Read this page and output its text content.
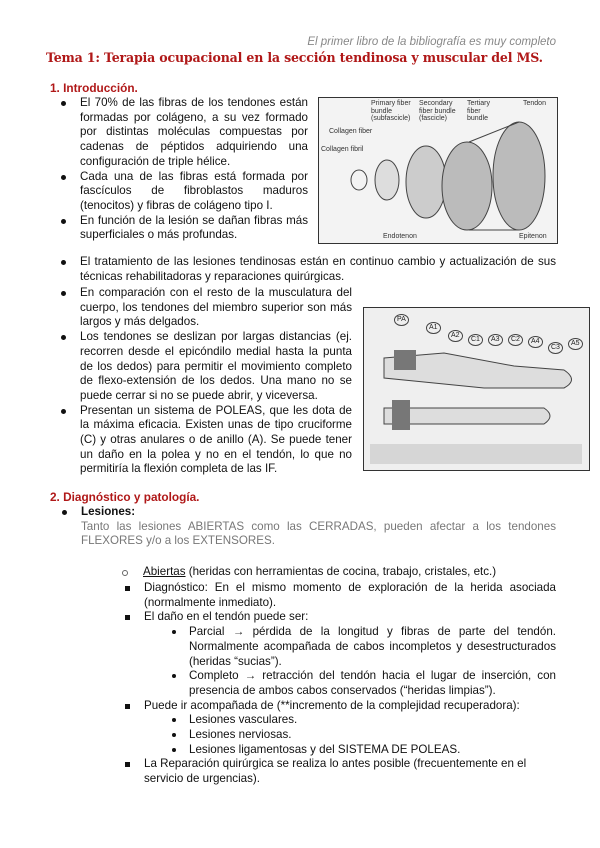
El primer libro de la bibliografía es muy completo
Tema 1: Terapia ocupacional en la sección tendinosa y muscular del MS.
1. Introducción.
El 70% de las fibras de los tendones están formadas por colágeno, a su vez formado por distintas moléculas compuestas por cadenas de péptidos adquiriendo una configuración de triple hélice.
Cada una de las fibras está formada por fascículos de fibroblastos maduros (tenocitos) y fibras de colágeno tipo I.
En función de la lesión se dañan fibras más superficiales o más profundas.
Primary fiber bundle (subfascicle)
Secondary fiber bundle (fascicle)
Tertiary fiber bundle
Tendon
Collagen fiber
Collagen fibril
Endotenon	Epitenon
El tratamiento de las lesiones tendinosas están en continuo cambio y actualización de sus técnicas rehabilitadoras y reparaciones quirúrgicas.
En comparación con el resto de la musculatura del cuerpo, los tendones del miembro superior son más largos y más delgados.
Los tendones se deslizan por largas distancias (ej. recorren desde el epicóndilo medial hasta la punta de los dedos) para permitir el movimiento completo de flexo-extensión de los dedos. Una mano no se puede cerrar si no se puede abrir, y viceversa.
Presentan un sistema de POLEAS, que les dota de la máxima eficacia. Existen unas de tipo cruciforme (C) y otras anulares o de anillo (A). Se puede tener un daño en la polea y no en el tendón, lo que no permitiría la flexión completa de las IF.
PA
A1
A2
C1	A3	C2	A4
C3
A5
2. Diagnóstico y patología.
Lesiones:
Tanto las lesiones ABIERTAS como las CERRADAS, pueden afectar a los tendones FLEXORES y/o a los EXTENSORES.
Abiertas (heridas con herramientas de cocina, trabajo, cristales, etc.)
Diagnóstico: En el mismo momento de exploración de la herida asociada (normalmente inmediato).
El daño en el tendón puede ser:
Parcial → pérdida de la longitud y fibras de parte del tendón. Normalmente acompañada de cabos incompletos y desestructurados (heridas “sucias”).
Completo → retracción del tendón hacia el lugar de inserción, con presencia de ambos cabos conservados (“heridas limpias”).
Puede ir acompañada de (**incremento de la complejidad recuperadora):
Lesiones vasculares.
Lesiones nerviosas.
Lesiones ligamentosas y del SISTEMA DE POLEAS.
La Reparación quirúrgica se realiza lo antes posible (frecuentemente en el servicio de urgencias).
